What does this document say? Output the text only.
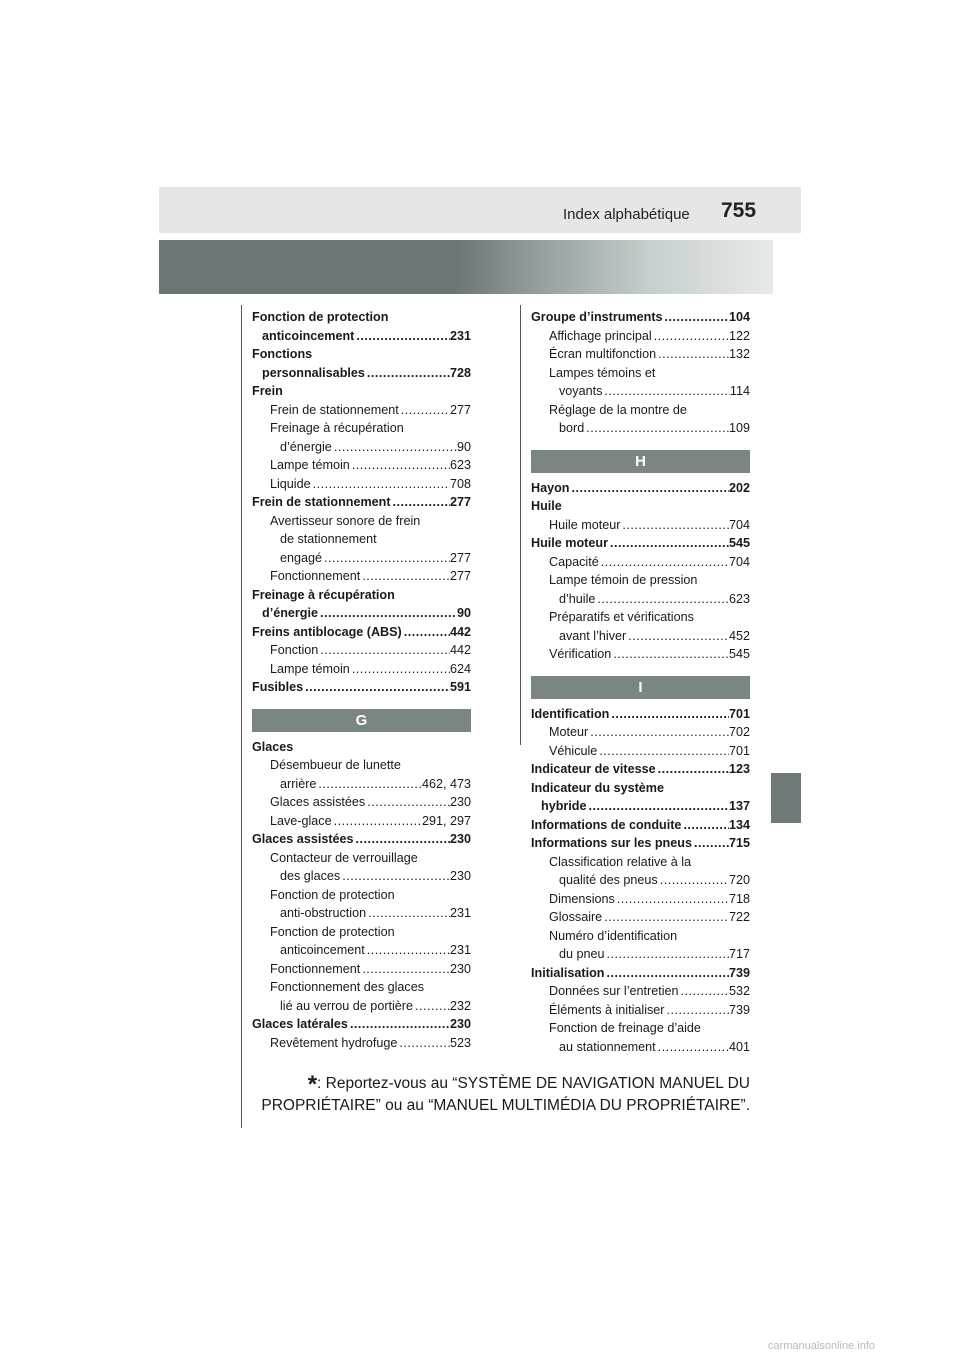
Index alphabétique 755
Fonction de protection
anticoincement .....	231
Fonctions
personnalisables .....	728
Frein
Frein de stationnement .....	277
Freinage à récupération
d’énergie .....	90
Lampe témoin .....	623
Liquide .....	708
Frein de stationnement .....	277
Avertisseur sonore de frein
de stationnement
engagé .....	277
Fonctionnement .....	277
Freinage à récupération
d’énergie .....	90
Freins antiblocage (ABS) .....	442
Fonction .....	442
Lampe témoin .....	624
Fusibles .....	591
G
Glaces
Désembueur de lunette
arrière .....	462, 473
Glaces assistées .....	230
Lave-glace .....	291, 297
Glaces assistées .....	230
Contacteur de verrouillage
des glaces .....	230
Fonction de protection
anti-obstruction .....	231
Fonction de protection
anticoincement .....	231
Fonctionnement .....	230
Fonctionnement des glaces
lié au verrou de portière .....	232
Glaces latérales .....	230
Revêtement hydrofuge .....	523
Groupe d’instruments .....	104
Affichage principal .....	122
Écran multifonction .....	132
Lampes témoins et
voyants .....	114
Réglage de la montre de
bord .....	109
H
Hayon .....	202
Huile
Huile moteur .....	704
Huile moteur .....	545
Capacité .....	704
Lampe témoin de pression
d’huile .....	623
Préparatifs et vérifications
avant l’hiver .....	452
Vérification .....	545
I
Identification .....	701
Moteur .....	702
Véhicule .....	701
Indicateur de vitesse .....	123
Indicateur du système
hybride .....	137
Informations de conduite .....	134
Informations sur les pneus .....	715
Classification relative à la
qualité des pneus .....	720
Dimensions .....	718
Glossaire .....	722
Numéro d’identification
du pneu .....	717
Initialisation .....	739
Données sur l’entretien .....	532
Éléments à initialiser .....	739
Fonction de freinage d’aide
au stationnement .....	401
*: Reportez-vous au “SYSTÈME DE NAVIGATION MANUEL DU
PROPRIÉTAIRE” ou au “MANUEL MULTIMÉDIA DU PROPRIÉTAIRE”.
carmanualsonline.info
